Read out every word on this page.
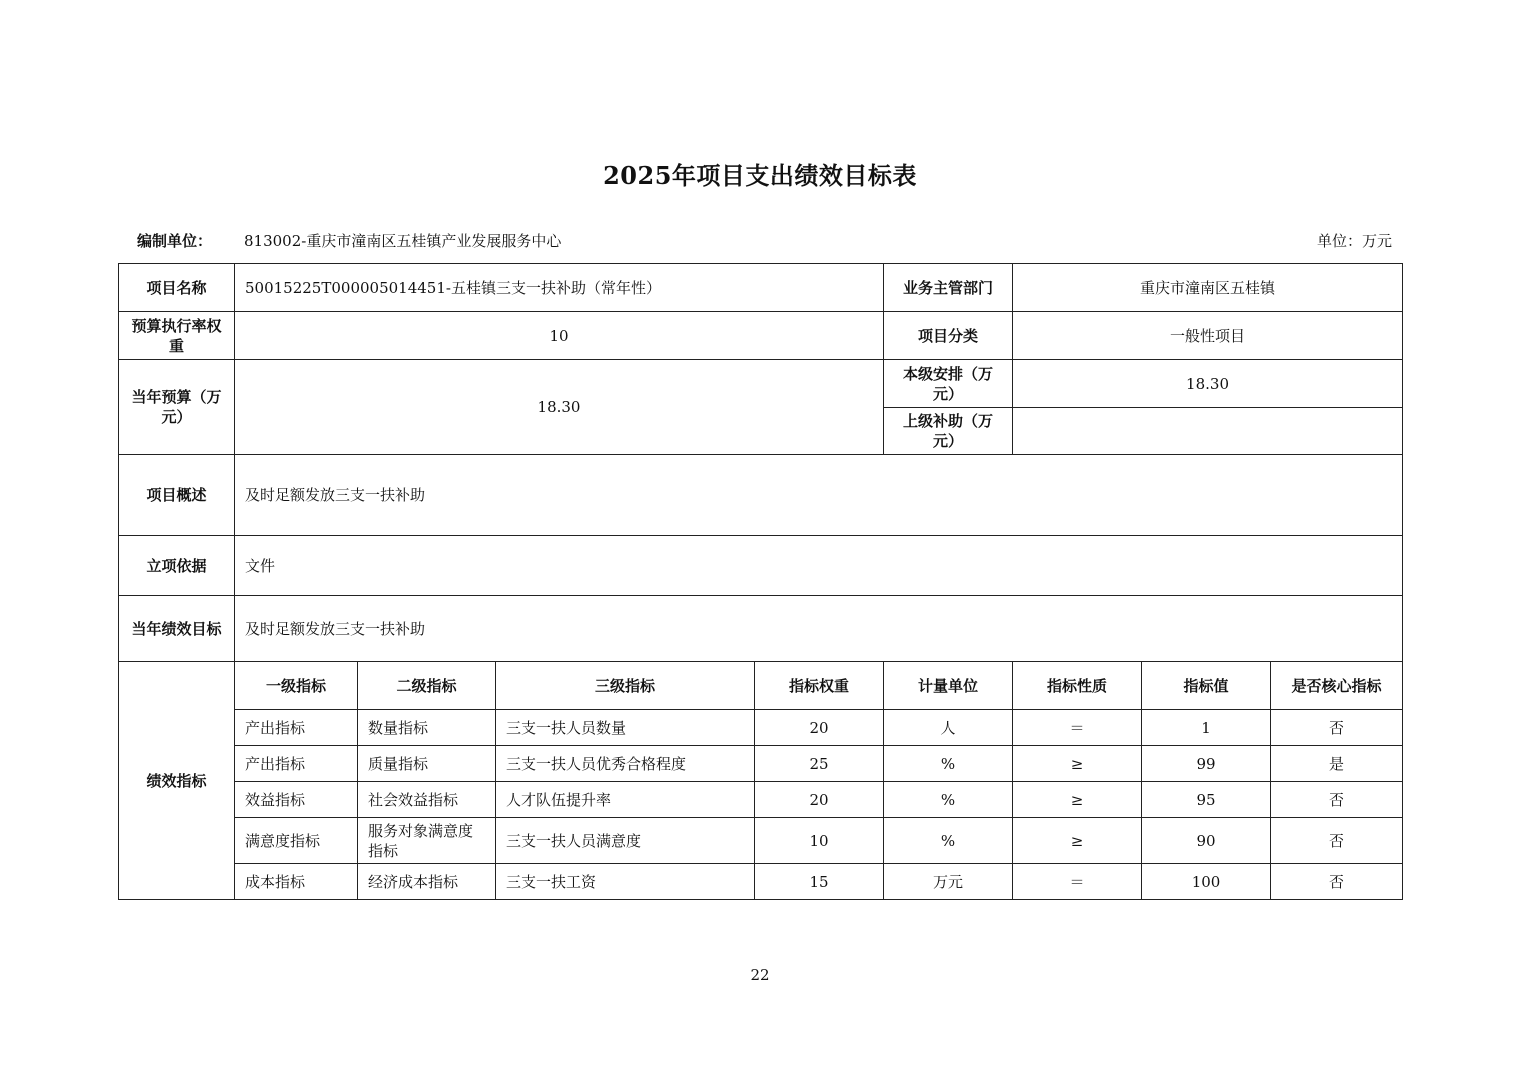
2025年项目支出绩效目标表
编制单位： 813002-重庆市潼南区五桂镇产业发展服务中心	单位：万元
项目名称	50015225T000005014451-五桂镇三支一扶补助（常年性）				业务主管部门	重庆市潼南区五桂镇		
预算执行率权重	10				项目分类	一般性项目		
当年预算（万元）	18.30				本级安排（万元）	18.30		
					上级补助（万元）			
项目概述	及时足额发放三支一扶补助							
立项依据	文件							
当年绩效目标	及时足额发放三支一扶补助							
绩效指标	一级指标	二级指标	三级指标	指标权重	计量单位	指标性质	指标值	是否核心指标
	产出指标	数量指标	三支一扶人员数量	20	人	＝	1	否
	产出指标	质量指标	三支一扶人员优秀合格程度	25	%	≥	99	是
	效益指标	社会效益指标	人才队伍提升率	20	%	≥	95	否
	满意度指标	服务对象满意度指标	三支一扶人员满意度	10	%	≥	90	否
	成本指标	经济成本指标	三支一扶工资	15	万元	＝	100	否
22
